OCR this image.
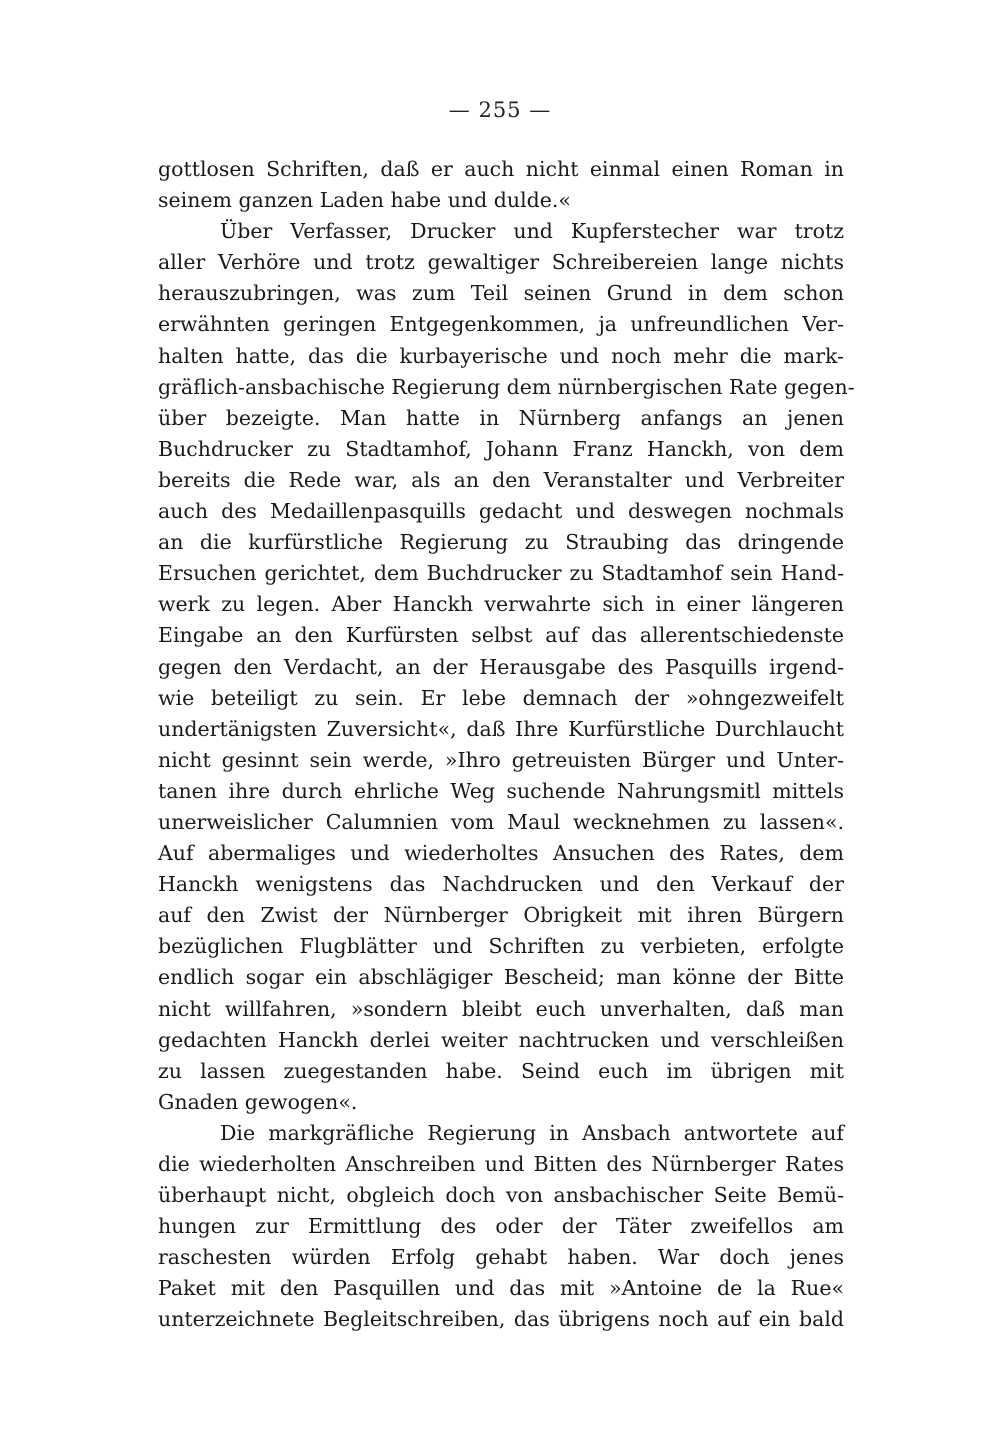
— 255 —
gottlosen Schriften, daß er auch nicht einmal einen Roman in
seinem ganzen Laden habe und dulde.«
Über Verfasser, Drucker und Kupferstecher war trotz
aller Verhöre und trotz gewaltiger Schreibereien lange nichts
herauszubringen, was zum Teil seinen Grund in dem schon
erwähnten geringen Entgegenkommen, ja unfreundlichen Ver-
halten hatte, das die kurbayerische und noch mehr die mark-
gräflich-ansbachische Regierung dem nürnbergischen Rate gegen-
über bezeigte. Man hatte in Nürnberg anfangs an jenen
Buchdrucker zu Stadtamhof, Johann Franz Hanckh, von dem
bereits die Rede war, als an den Veranstalter und Verbreiter
auch des Medaillenpasquills gedacht und deswegen nochmals
an die kurfürstliche Regierung zu Straubing das dringende
Ersuchen gerichtet, dem Buchdrucker zu Stadtamhof sein Hand-
werk zu legen. Aber Hanckh verwahrte sich in einer längeren
Eingabe an den Kurfürsten selbst auf das allerentschiedenste
gegen den Verdacht, an der Herausgabe des Pasquills irgend-
wie beteiligt zu sein. Er lebe demnach der »ohngezweifelt
undertänigsten Zuversicht«, daß Ihre Kurfürstliche Durchlaucht
nicht gesinnt sein werde, »Ihro getreuisten Bürger und Unter-
tanen ihre durch ehrliche Weg suchende Nahrungsmitl mittels
unerweislicher Calumnien vom Maul wecknehmen zu lassen«.
Auf abermaliges und wiederholtes Ansuchen des Rates, dem
Hanckh wenigstens das Nachdrucken und den Verkauf der
auf den Zwist der Nürnberger Obrigkeit mit ihren Bürgern
bezüglichen Flugblätter und Schriften zu verbieten, erfolgte
endlich sogar ein abschlägiger Bescheid; man könne der Bitte
nicht willfahren, »sondern bleibt euch unverhalten, daß man
gedachten Hanckh derlei weiter nachtrucken und verschleißen
zu lassen zuegestanden habe. Seind euch im übrigen mit
Gnaden gewogen«.
Die markgräfliche Regierung in Ansbach antwortete auf
die wiederholten Anschreiben und Bitten des Nürnberger Rates
überhaupt nicht, obgleich doch von ansbachischer Seite Bemü-
hungen zur Ermittlung des oder der Täter zweifellos am
raschesten würden Erfolg gehabt haben. War doch jenes
Paket mit den Pasquillen und das mit »Antoine de la Rue«
unterzeichnete Begleitschreiben, das übrigens noch auf ein bald
